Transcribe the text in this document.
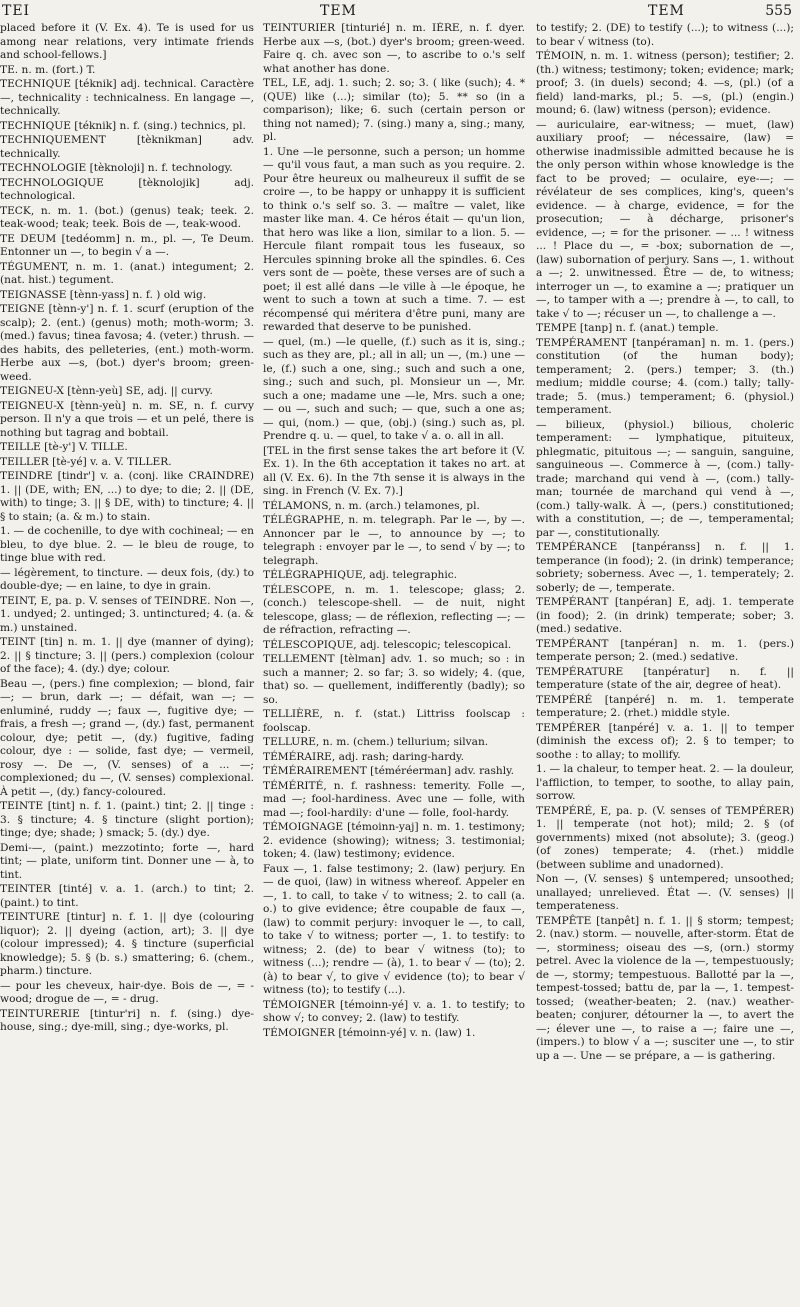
TEI	TEM	TEM	555

placed before it (V. Ex. 4). Te is used for us among near relations, very intimate friends and school-fellows.]

TE. n. m. (fort.) T.

TECHNIQUE [téknik] adj. technical. Caractère —, technicality : technicalness. En langage —, technically.

TECHNIQUE [téknik] n. f. (sing.) technics, pl.

TECHNIQUEMENT [tèknikman] adv. technically.

TECHNOLOGIE [tèknoloji] n. f. technology.

TECHNOLOGIQUE [tèknolojik] adj. technological.

TECK, n. m. 1. (bot.) (genus) teak; teek. 2. teak-wood; teak; teek. Bois de —, teak-wood.

TE DEUM [tedéomm] n. m., pl. —, Te Deum. Entonner un —, to begin √ a —.

TÉGUMENT, n. m. 1. (anat.) integument; 2. (nat. hist.) tegument.

TEIGNASSE [tènn-yass] n. f. ) old wig.

TEIGNE [tènn-y'] n. f. 1. scurf (eruption of the scalp); 2. (ent.) (genus) moth; moth-worm; 3. (med.) favus; tinea favosa; 4. (veter.) thrush. — des habits, des pelleteries, (ent.) moth-worm. Herbe aux —s, (bot.) dyer's broom; green-weed.

TEIGNEU-X [tènn-yeù] SE, adj. || curvy.

TEIGNEU-X [tènn-yeù] n. m. SE, n. f. curvy person. Il n'y a que trois — et un pelé, there is nothing but tagrag and bobtail.

TEILLE [tè-y'] V. TILLE.

TEILLER [tè-yé] v. a. V. TILLER.

TEINDRE [tindr'] v. a. (conj. like CRAINDRE) 1. || (DE, with; EN, ...) to dye; to die; 2. || (DE, with) to tinge; 3. || § DE, with) to tincture; 4. || § to stain; (a. & m.) to stain.

1. — de cochenille, to dye with cochineal; — en bleu, to dye blue. 2. — le bleu de rouge, to tinge blue with red.

— légèrement, to tincture. — deux fois, (dy.) to double-dye; — en laine, to dye in grain.

TEINT, E, pa. p. V. senses of TEINDRE. Non —, 1. undyed; 2. untinged; 3. untinctured; 4. (a. & m.) unstained.

TEINT [tin] n. m. 1. || dye (manner of dying); 2. || § tincture; 3. || (pers.) complexion (colour of the face); 4. (dy.) dye; colour.

Beau —, (pers.) fine complexion; — blond, fair —; — brun, dark —; — défait, wan —; — enluminé, ruddy —; faux —, fugitive dye; — frais, a fresh —; grand —, (dy.) fast, permanent colour, dye; petit —, (dy.) fugitive, fading colour, dye : — solide, fast dye; — vermeil, rosy —. De —, (V. senses) of a ... —; complexioned; du —, (V. senses) complexional. À petit —, (dy.) fancy-coloured.

TEINTE [tint] n. f. 1. (paint.) tint; 2. || tinge : 3. § tincture; 4. § tincture (slight portion); tinge; dye; shade; ) smack; 5. (dy.) dye.

Demi-—, (paint.) mezzotinto; forte —, hard tint; — plate, uniform tint. Donner une — à, to tint.

TEINTER [tinté] v. a. 1. (arch.) to tint; 2. (paint.) to tint.

TEINTURE [tintur] n. f. 1. || dye (colouring liquor); 2. || dyeing (action, art); 3. || dye (colour impressed); 4. § tincture (superficial knowledge); 5. § (b. s.) smattering; 6. (chem., pharm.) tincture.

— pour les cheveux, hair-dye. Bois de —, = -wood; drogue de —, = - drug.

TEINTURERIE [tintur'ri] n. f. (sing.) dye-house, sing.; dye-mill, sing.; dye-works, pl.

TEINTURIER [tinturié] n. m. IÈRE, n. f. dyer. Herbe aux —s, (bot.) dyer's broom; green-weed. Faire q. ch. avec son —, to ascribe to o.'s self what another has done.

TEL, LE, adj. 1. such; 2. so; 3. ( like (such); 4. * (QUE) like (...); similar (to); 5. ** so (in a comparison); like; 6. such (certain person or thing not named); 7. (sing.) many a, sing.; many, pl.

1. Une —le personne, such a person; un homme — qu'il vous faut, a man such as you require. 2. Pour être heureux ou malheureux il suffit de se croire —, to be happy or unhappy it is sufficient to think o.'s self so. 3. — maître — valet, like master like man. 4. Ce héros était — qu'un lion, that hero was like a lion, similar to a lion. 5. — Hercule filant rompait tous les fuseaux, so Hercules spinning broke all the spindles. 6. Ces vers sont de — poète, these verses are of such a poet; il est allé dans —le ville à —le époque, he went to such a town at such a time. 7. — est récompensé qui méritera d'être puni, many are rewarded that deserve to be punished.

— quel, (m.) —le quelle, (f.) such as it is, sing.; such as they are, pl.; all in all; un —, (m.) une —le, (f.) such a one, sing.; such and such a one, sing.; such and such, pl. Monsieur un —, Mr. such a one; madame une —le, Mrs. such a one; — ou —, such and such; — que, such a one as; — qui, (nom.) — que, (obj.) (sing.) such as, pl. Prendre q. u. — quel, to take √ a. o. all in all.

[TEL in the first sense takes the art before it (V. Ex. 1). In the 6th acceptation it takes no art. at all (V. Ex. 6). In the 7th sense it is always in the sing. in French (V. Ex. 7).]

TÉLAMONS, n. m. (arch.) telamones, pl.

TÉLÉGRAPHE, n. m. telegraph. Par le —, by —. Annoncer par le —, to announce by —; to telegraph : envoyer par le —, to send √ by —; to telegraph.

TÉLÉGRAPHIQUE, adj. telegraphic.

TÉLESCOPE, n. m. 1. telescope; glass; 2. (conch.) telescope-shell. — de nuit, night telescope, glass; — de réflexion, reflecting —; — de réfraction, refracting —.

TÉLESCOPIQUE, adj. telescopic; telescopical.

TELLEMENT [tèlman] adv. 1. so much; so : in such a manner; 2. so far; 3. so widely; 4. (que, that) so. — quellement, indifferently (badly); so so.

TELLIÈRE, n. f. (stat.) Littriss foolscap : foolscap.

TELLURE, n. m. (chem.) tellurium; silvan.

TÉMÉRAIRE, adj. rash; daring-hardy.

TÉMÉRAIREMENT [téméréerman] adv. rashly.

TÉMÉRITÉ, n. f. rashness: temerity. Folle —, mad —; fool-hardiness. Avec une — folle, with mad —; fool-hardily: d'une — folle, fool-hardy.

TÉMOIGNAGE [témoinn-yaj] n. m. 1. testimony; 2. evidence (showing); witness; 3. testimonial; token; 4. (law) testimony; evidence.

Faux —, 1. false testimony; 2. (law) perjury. En — de quoi, (law) in witness whereof. Appeler en —, 1. to call, to take √ to witness; 2. to call (a. o.) to give evidence; être coupable de faux —, (law) to commit perjury: invoquer le —, to call, to take √ to witness; porter —, 1. to testify: to witness; 2. (de) to bear √ witness (to); to witness (...); rendre — (à), 1. to bear √ — (to); 2. (à) to bear √, to give √ evidence (to); to bear √ witness (to); to testify (...).

TÉMOIGNER [témoinn-yé] v. a. 1. to testify; to show √; to convey; 2. (law) to testify.

TÉMOIGNER [témoinn-yé] v. n. (law) 1.

to testify; 2. (DE) to testify (...); to witness (...); to bear √ witness (to).

TÉMOIN, n. m. 1. witness (person); testifier; 2. (th.) witness; testimony; token; evidence; mark; proof; 3. (in duels) second; 4. —s, (pl.) (of a field) land-marks, pl.; 5. —s, (pl.) (engin.) mound; 6. (law) witness (person); evidence.

— auriculaire, ear-witness; — muet, (law) auxiliary proof; — nécessaire, (law) = otherwise inadmissible admitted because he is the only person within whose knowledge is the fact to be proved; — oculaire, eye-—; — révélateur de ses complices, king's, queen's evidence. — à charge, evidence, = for the prosecution; — à décharge, prisoner's evidence, —; = for the prisoner. — ... ! witness ... ! Place du —, = -box; subornation de —, (law) subornation of perjury. Sans —, 1. without a —; 2. unwitnessed. Être — de, to witness; interroger un —, to examine a —; pratiquer un —, to tamper with a —; prendre à —, to call, to take √ to —; récuser un —, to challenge a —.

TEMPE [tanp] n. f. (anat.) temple.

TEMPÉRAMENT [tanpéraman] n. m. 1. (pers.) constitution (of the human body); temperament; 2. (pers.) temper; 3. (th.) medium; middle course; 4. (com.) tally; tally-trade; 5. (mus.) temperament; 6. (physiol.) temperament.

— bilieux, (physiol.) bilious, choleric temperament: — lymphatique, pituiteux, phlegmatic, pituitous —; — sanguin, sanguine, sanguineous —. Commerce à —, (com.) tally-trade; marchand qui vend à —, (com.) tally-man; tournée de marchand qui vend à —, (com.) tally-walk. À —, (pers.) constitutioned; with a constitution, —; de —, temperamental; par —, constitutionally.

TEMPÉRANCE [tanpéranss] n. f. || 1. temperance (in food); 2. (in drink) temperance; sobriety; soberness. Avec —, 1. temperately; 2. soberly; de —, temperate.

TEMPÉRANT [tanpéran] E, adj. 1. temperate (in food); 2. (in drink) temperate; sober; 3. (med.) sedative.

TEMPÉRANT [tanpéran] n. m. 1. (pers.) temperate person; 2. (med.) sedative.

TEMPÉRATURE [tanpératur] n. f. || temperature (state of the air, degree of heat).

TEMPÉRÉ [tanpéré] n. m. 1. temperate temperature; 2. (rhet.) middle style.

TEMPÉRER [tanpéré] v. a. 1. || to temper (diminish the excess of); 2. § to temper; to soothe : to allay; to mollify.

1. — la chaleur, to temper heat. 2. — la douleur, l'affliction, to temper, to soothe, to allay pain, sorrow.

TEMPÉRÉ, E, pa. p. (V. senses of TEMPÉRER) 1. || temperate (not hot); mild; 2. § (of governments) mixed (not absolute); 3. (geog.) (of zones) temperate; 4. (rhet.) middle (between sublime and unadorned).

Non —, (V. senses) § untempered; unsoothed; unallayed; unrelieved. État —. (V. senses) || temperateness.

TEMPÊTE [tanpêt] n. f. 1. || § storm; tempest; 2. (nav.) storm. — nouvelle, after-storm. État de —, storminess; oiseau des —s, (orn.) stormy petrel. Avec la violence de la —, tempestuously; de —, stormy; tempestuous. Ballotté par la —, tempest-tossed; battu de, par la —, 1. tempest-tossed; (weather-beaten; 2. (nav.) weather-beaten; conjurer, détourner la —, to avert the —; élever une —, to raise a —; faire une —, (impers.) to blow √ a —; susciter une —, to stir up a —. Une — se prépare, a — is gathering.
